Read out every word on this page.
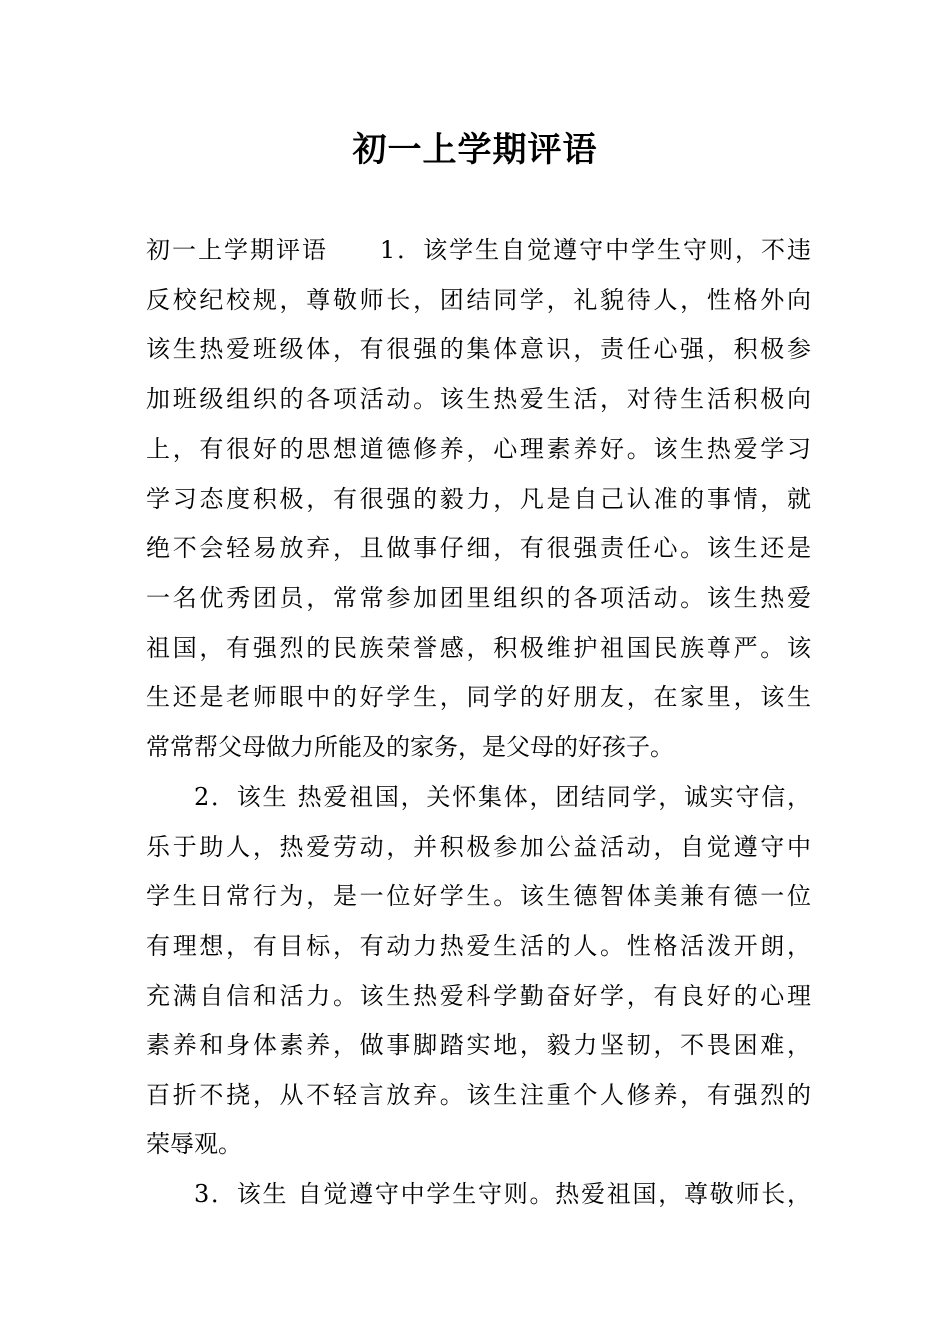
初一上学期评语
初一上学期评语　　1．该学生自觉遵守中学生守则，不违
反校纪校规，尊敬师长，团结同学，礼貌待人，性格外向
该生热爱班级体，有很强的集体意识，责任心强，积极参
加班级组织的各项活动。该生热爱生活，对待生活积极向
上，有很好的思想道德修养，心理素养好。该生热爱学习
学习态度积极，有很强的毅力，凡是自己认准的事情，就
绝不会轻易放弃，且做事仔细，有很强责任心。该生还是
一名优秀团员，常常参加团里组织的各项活动。该生热爱
祖国，有强烈的民族荣誉感，积极维护祖国民族尊严。该
生还是老师眼中的好学生，同学的好朋友，在家里，该生
常常帮父母做力所能及的家务，是父母的好孩子。
2．该生 热爱祖国，关怀集体，团结同学，诚实守信，
乐于助人，热爱劳动，并积极参加公益活动，自觉遵守中
学生日常行为，是一位好学生。该生德智体美兼有德一位
有理想，有目标，有动力热爱生活的人。性格活泼开朗，
充满自信和活力。该生热爱科学勤奋好学，有良好的心理
素养和身体素养，做事脚踏实地，毅力坚韧，不畏困难，
百折不挠，从不轻言放弃。该生注重个人修养，有强烈的
荣辱观。
3．该生 自觉遵守中学生守则。热爱祖国，尊敬师长，
